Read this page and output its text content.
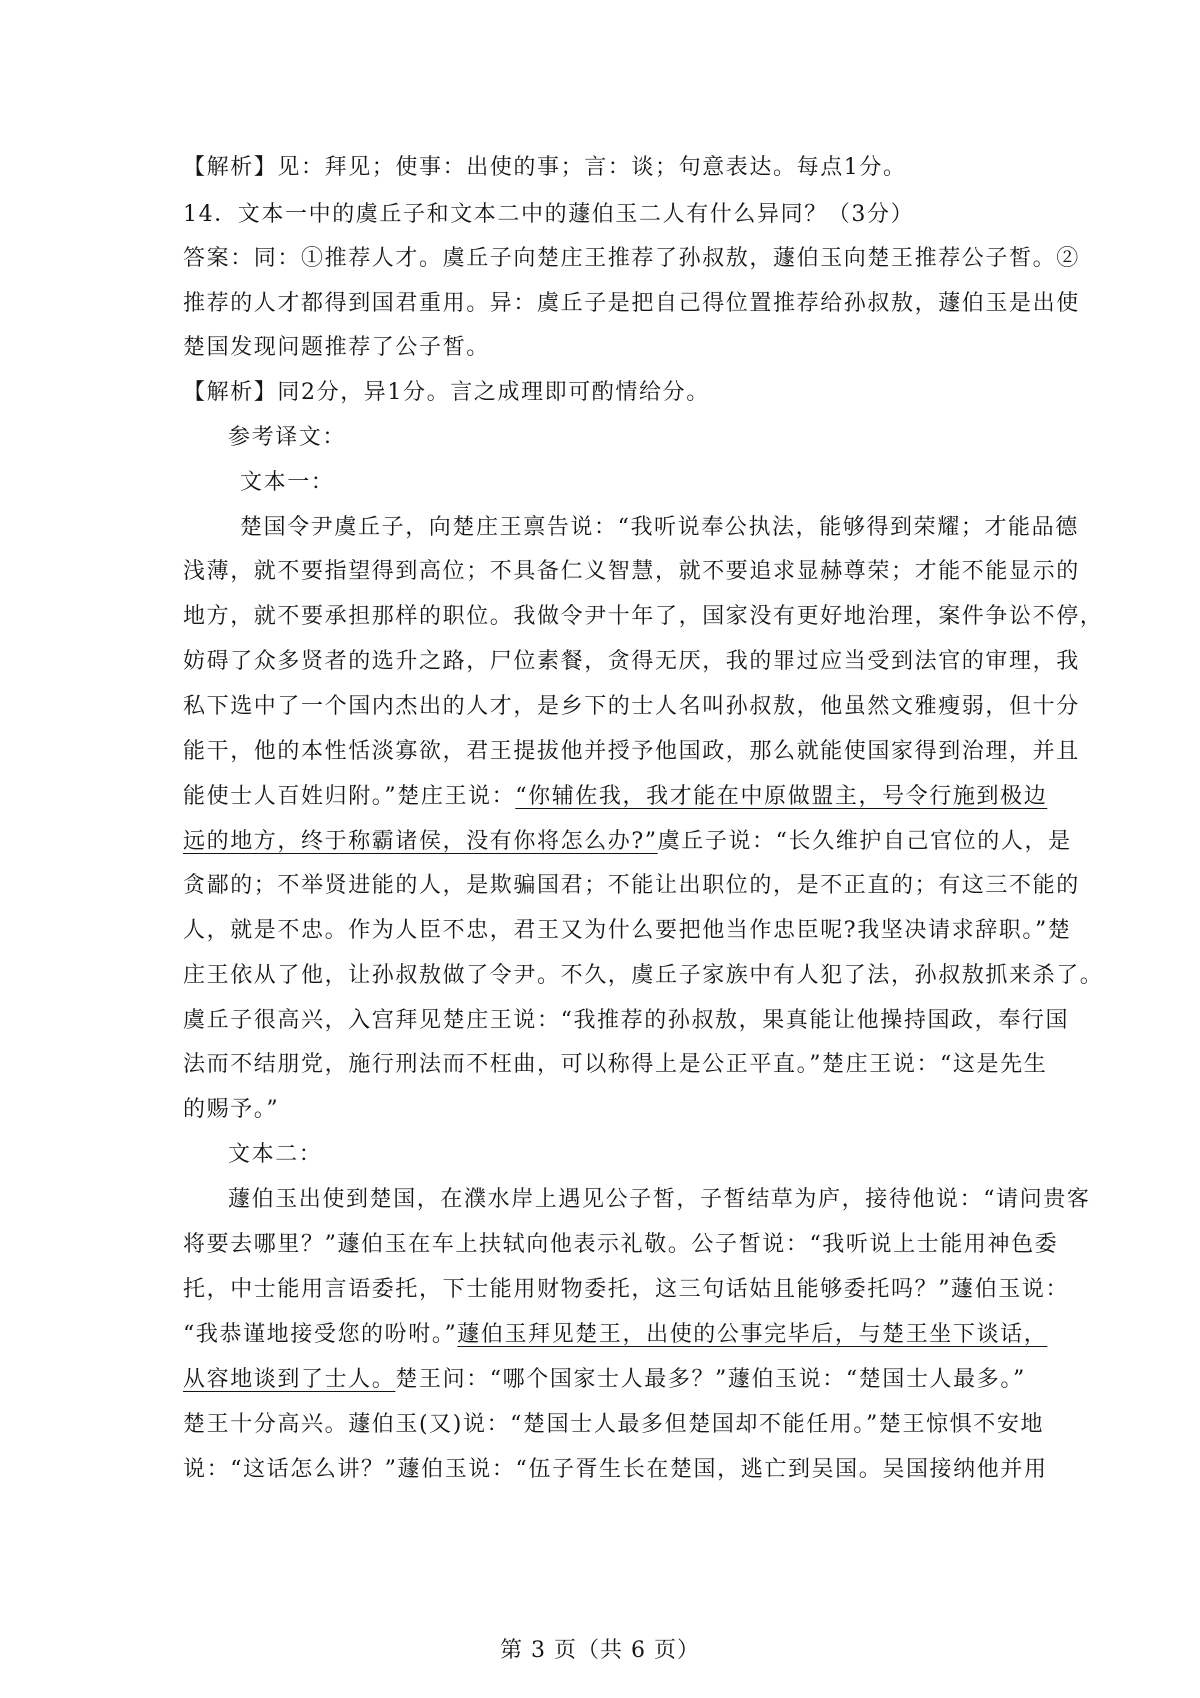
【解析】见：拜见；使事：出使的事；言：谈；句意表达。每点1分。
14．文本一中的虞丘子和文本二中的蘧伯玉二人有什么异同？（3分）
答案：同：①推荐人才。虞丘子向楚庄王推荐了孙叔敖，蘧伯玉向楚王推荐公子皙。②
推荐的人才都得到国君重用。异：虞丘子是把自己得位置推荐给孙叔敖，蘧伯玉是出使
楚国发现问题推荐了公子皙。
【解析】同2分，异1分。言之成理即可酌情给分。
参考译文：
文本一：
楚国令尹虞丘子，向楚庄王禀告说：“我听说奉公执法，能够得到荣耀；才能品德
浅薄，就不要指望得到高位；不具备仁义智慧，就不要追求显赫尊荣；才能不能显示的
地方，就不要承担那样的职位。我做令尹十年了，国家没有更好地治理，案件争讼不停，
妨碍了众多贤者的选升之路，尸位素餐，贪得无厌，我的罪过应当受到法官的审理，我
私下选中了一个国内杰出的人才，是乡下的士人名叫孙叔敖，他虽然文雅瘦弱，但十分
能干，他的本性恬淡寡欲，君王提拔他并授予他国政，那么就能使国家得到治理，并且
能使士人百姓归附。”楚庄王说：“你辅佐我，我才能在中原做盟主，号令行施到极边
远的地方，终于称霸诸侯，没有你将怎么办?”虞丘子说：“长久维护自己官位的人，是
贪鄙的；不举贤进能的人，是欺骗国君；不能让出职位的，是不正直的；有这三不能的
人，就是不忠。作为人臣不忠，君王又为什么要把他当作忠臣呢?我坚决请求辞职。”楚
庄王依从了他，让孙叔敖做了令尹。不久，虞丘子家族中有人犯了法，孙叔敖抓来杀了。
虞丘子很高兴，入宫拜见楚庄王说：“我推荐的孙叔敖，果真能让他操持国政，奉行国
法而不结朋党，施行刑法而不枉曲，可以称得上是公正平直。”楚庄王说：“这是先生
的赐予。”
文本二：
蘧伯玉出使到楚国，在濮水岸上遇见公子皙，子皙结草为庐，接待他说：“请问贵客
将要去哪里？”蘧伯玉在车上扶轼向他表示礼敬。公子皙说：“我听说上士能用神色委
托，中士能用言语委托，下士能用财物委托，这三句话姑且能够委托吗？”蘧伯玉说：
“我恭谨地接受您的吩咐。”蘧伯玉拜见楚王，出使的公事完毕后，与楚王坐下谈话，
从容地谈到了士人。楚王问：“哪个国家士人最多？”蘧伯玉说：“楚国士人最多。”
楚王十分高兴。蘧伯玉(又)说：“楚国士人最多但楚国却不能任用。”楚王惊惧不安地
说：“这话怎么讲？”蘧伯玉说：“伍子胥生长在楚国，逃亡到吴国。吴国接纳他并用
第 3 页（共 6 页）
